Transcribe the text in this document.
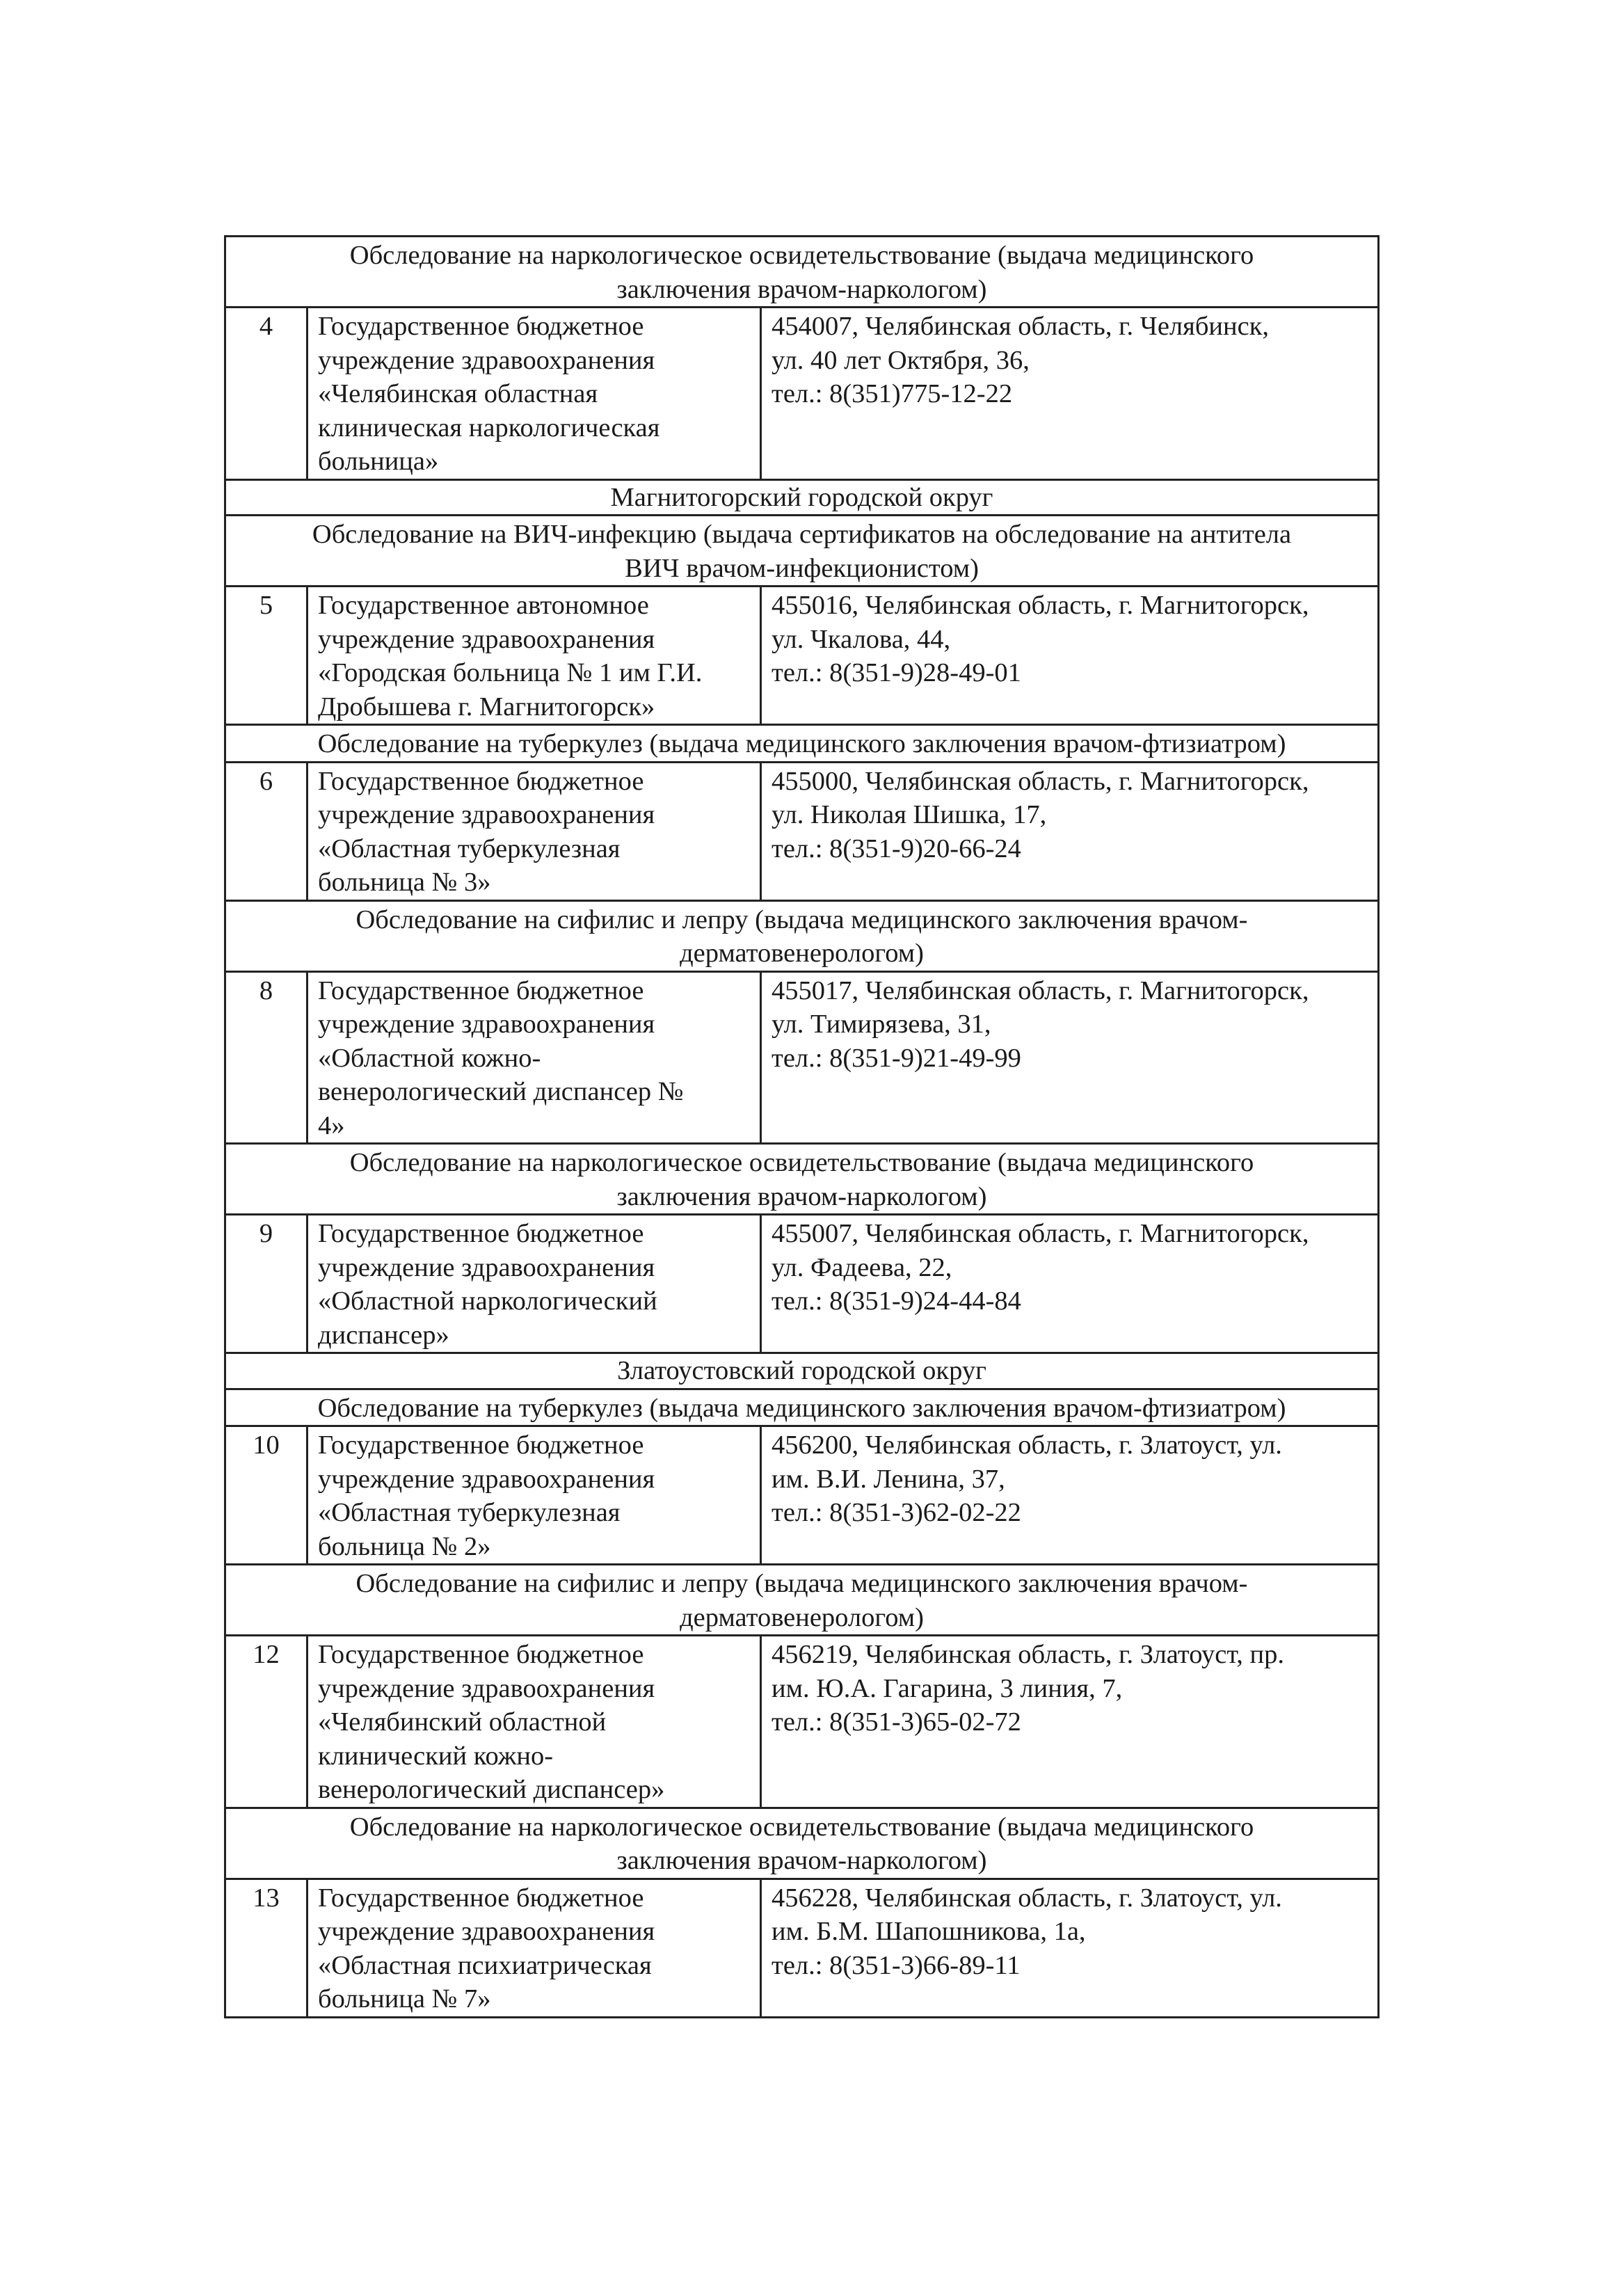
Обследование на наркологическое освидетельствование (выдача медицинского
заключения врачом-наркологом)		

4	Государственное бюджетное
учреждение здравоохранения
«Челябинская областная
клиническая наркологическая
больница»	454007, Челябинская область, г. Челябинск,
ул. 40 лет Октября, 36,
тел.: 8(351)775-12-22

Магнитогорский городской округ		

Обследование на ВИЧ-инфекцию (выдача сертификатов на обследование на антитела
ВИЧ врачом-инфекционистом)		

5	Государственное автономное
учреждение здравоохранения
«Городская больница № 1 им Г.И.
Дробышева г. Магнитогорск»	455016, Челябинская область, г. Магнитогорск,
ул. Чкалова, 44,
тел.: 8(351-9)28-49-01

Обследование на туберкулез (выдача медицинского заключения врачом-фтизиатром)		

6	Государственное бюджетное
учреждение здравоохранения
«Областная туберкулезная
больница № 3»	455000, Челябинская область, г. Магнитогорск,
ул. Николая Шишка, 17,
тел.: 8(351-9)20-66-24

Обследование на сифилис и лепру (выдача медицинского заключения врачом-
дерматовенерологом)		

8	Государственное бюджетное
учреждение здравоохранения
«Областной кожно-
венерологический диспансер №
4»	455017, Челябинская область, г. Магнитогорск,
ул. Тимирязева, 31,
тел.: 8(351-9)21-49-99

Обследование на наркологическое освидетельствование (выдача медицинского
заключения врачом-наркологом)		

9	Государственное бюджетное
учреждение здравоохранения
«Областной наркологический
диспансер»	455007, Челябинская область, г. Магнитогорск,
ул. Фадеева, 22,
тел.: 8(351-9)24-44-84

Златоустовский городской округ		

Обследование на туберкулез (выдача медицинского заключения врачом-фтизиатром)		

10	Государственное бюджетное
учреждение здравоохранения
«Областная туберкулезная
больница № 2»	456200, Челябинская область, г. Златоуст, ул.
им. В.И. Ленина, 37,
тел.: 8(351-3)62-02-22

Обследование на сифилис и лепру (выдача медицинского заключения врачом-
дерматовенерологом)		

12	Государственное бюджетное
учреждение здравоохранения
«Челябинский областной
клинический кожно-
венерологический диспансер»	456219, Челябинская область, г. Златоуст, пр.
им. Ю.А. Гагарина, 3 линия, 7,
тел.: 8(351-3)65-02-72

Обследование на наркологическое освидетельствование (выдача медицинского
заключения врачом-наркологом)		

13	Государственное бюджетное
учреждение здравоохранения
«Областная психиатрическая
больница № 7»	456228, Челябинская область, г. Златоуст, ул.
им. Б.М. Шапошникова, 1а,
тел.: 8(351-3)66-89-11
